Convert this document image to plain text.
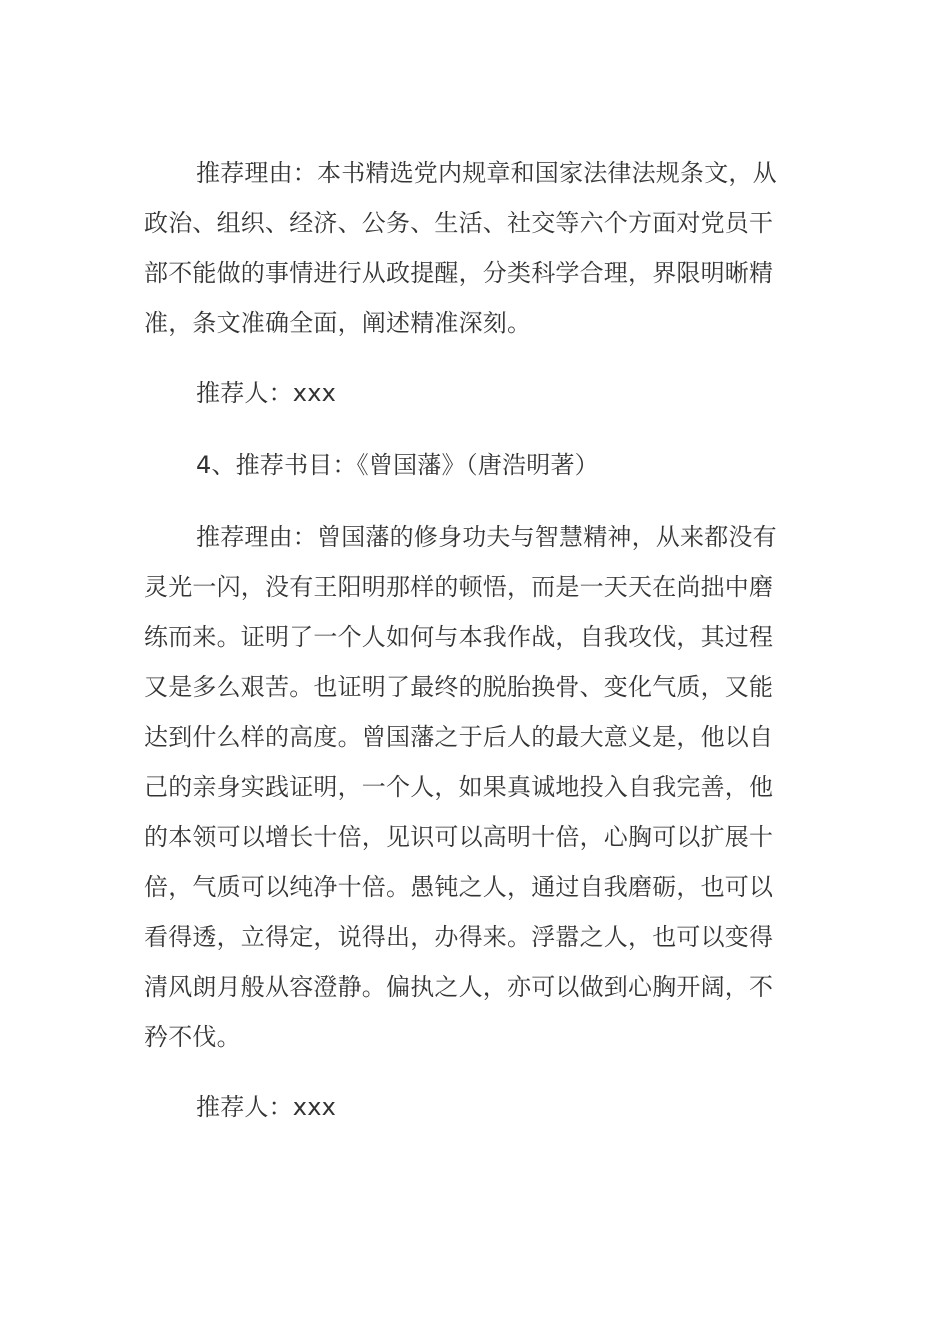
推荐理由：本书精选党内规章和国家法律法规条文，从政治、组织、经济、公务、生活、社交等六个方面对党员干部不能做的事情进行从政提醒，分类科学合理，界限明晰精准，条文准确全面，阐述精准深刻。

推荐人：xxx

4、推荐书目：《曾国藩》（唐浩明著）

推荐理由：曾国藩的修身功夫与智慧精神，从来都没有灵光一闪，没有王阳明那样的顿悟，而是一天天在尚拙中磨练而来。证明了一个人如何与本我作战，自我攻伐，其过程又是多么艰苦。也证明了最终的脱胎换骨、变化气质，又能达到什么样的高度。曾国藩之于后人的最大意义是，他以自己的亲身实践证明，一个人，如果真诚地投入自我完善，他的本领可以增长十倍，见识可以高明十倍，心胸可以扩展十倍，气质可以纯净十倍。愚钝之人，通过自我磨砺，也可以看得透，立得定，说得出，办得来。浮嚣之人，也可以变得清风朗月般从容澄静。偏执之人，亦可以做到心胸开阔，不矜不伐。

推荐人：xxx
